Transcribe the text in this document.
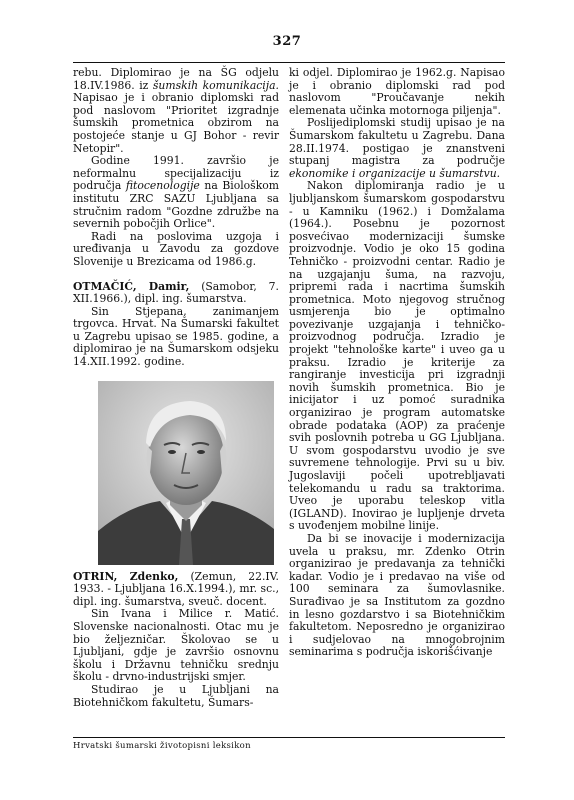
327

rebu. Diplomirao je na ŠG odjelu 18.IV.1986. iz šumskih komunikacija. Napisao je i obranio diplomski rad pod naslovom "Prioritet izgradnje šumskih prometnica obzirom na postojeće stanje u GJ Bohor - revir Netopir".

Godine 1991. završio je neformalnu specijalizaciju iz područja fitocenologije na Biološkom institutu ZRC SAZU Ljubljana sa stručnim radom "Gozdne združbe na severnih pobočjih Orlice".

Radi na poslovima uzgoja i uređivanja u Zavodu za gozdove Slovenije u Brezicama od 1986.g.

OTMAČIĆ, Damir, (Samobor, 7. XII.1966.), dipl. ing. šumarstva.

Sin Stjepana, zanimanjem trgovca. Hrvat. Na Šumarski fakultet u Zagrebu upisao se 1985. godine, a diplomirao je na Šumarskom odsjeku 14.XII.1992. godine.

OTRIN, Zdenko, (Zemun, 22.IV. 1933. - Ljubljana 16.X.1994.), mr. sc., dipl. ing. šumarstva, sveuč. docent.

Sin Ivana i Milice r. Matić. Slovenske nacionalnosti. Otac mu je bio željezničar. Školovao se u Ljubljani, gdje je završio osnovnu školu i Državnu tehničku srednju školu - drvno-industrijski smjer.

Studirao je u Ljubljani na Biotehničkom fakultetu, Šumars-

ki odjel. Diplomirao je 1962.g. Napisao je i obranio diplomski rad pod naslovom "Proučavanje nekih elemenata učinka motornoga piljenja".

Poslijediplomski studij upisao je na Šumarskom fakultetu u Zagrebu. Dana 28.II.1974. postigao je znanstveni stupanj magistra za područje ekonomike i organizacije u šumarstvu.

Nakon diplomiranja radio je u ljubljanskom šumarskom gospodarstvu - u Kamniku (1962.) i Domžalama (1964.). Posebnu je pozornost posvećivao modernizaciji šumske proizvodnje. Vodio je oko 15 godina Tehničko - proizvodni centar. Radio je na uzgajanju šuma, na razvoju, pripremi rada i nacrtima šumskih prometnica. Moto njegovog stručnog usmjerenja bio je optimalno povezivanje uzgajanja i tehničko-proizvodnog područja. Izradio je projekt "tehnološke karte" i uveo ga u praksu. Izradio je kriterije za rangiranje investicija pri izgradnji novih šumskih prometnica. Bio je inicijator i uz pomoć suradnika organizirao je program automatske obrade podataka (AOP) za praćenje svih poslovnih potreba u GG Ljubljana. U svom gospodarstvu uvodio je sve suvremene tehnologije. Prvi su u biv. Jugoslaviji počeli upotrebljavati telekomandu u radu sa traktorima. Uveo je uporabu teleskop vitla (IGLAND). Inovirao je lupljenje drveta s uvođenjem mobilne linije.

Da bi se inovacije i modernizacija uvela u praksu, mr. Zdenko Otrin organizirao je predavanja za tehnički kadar. Vodio je i predavao na više od 100 seminara za šumovlasnike. Surađivao je sa Institutom za gozdno in lesno gozdarstvo i sa Biotehničkim fakultetom. Neposredno je organizirao i sudjelovao na mnogobrojnim seminarima s područja iskorišćivanje

Hrvatski šumarski životopisni leksikon
